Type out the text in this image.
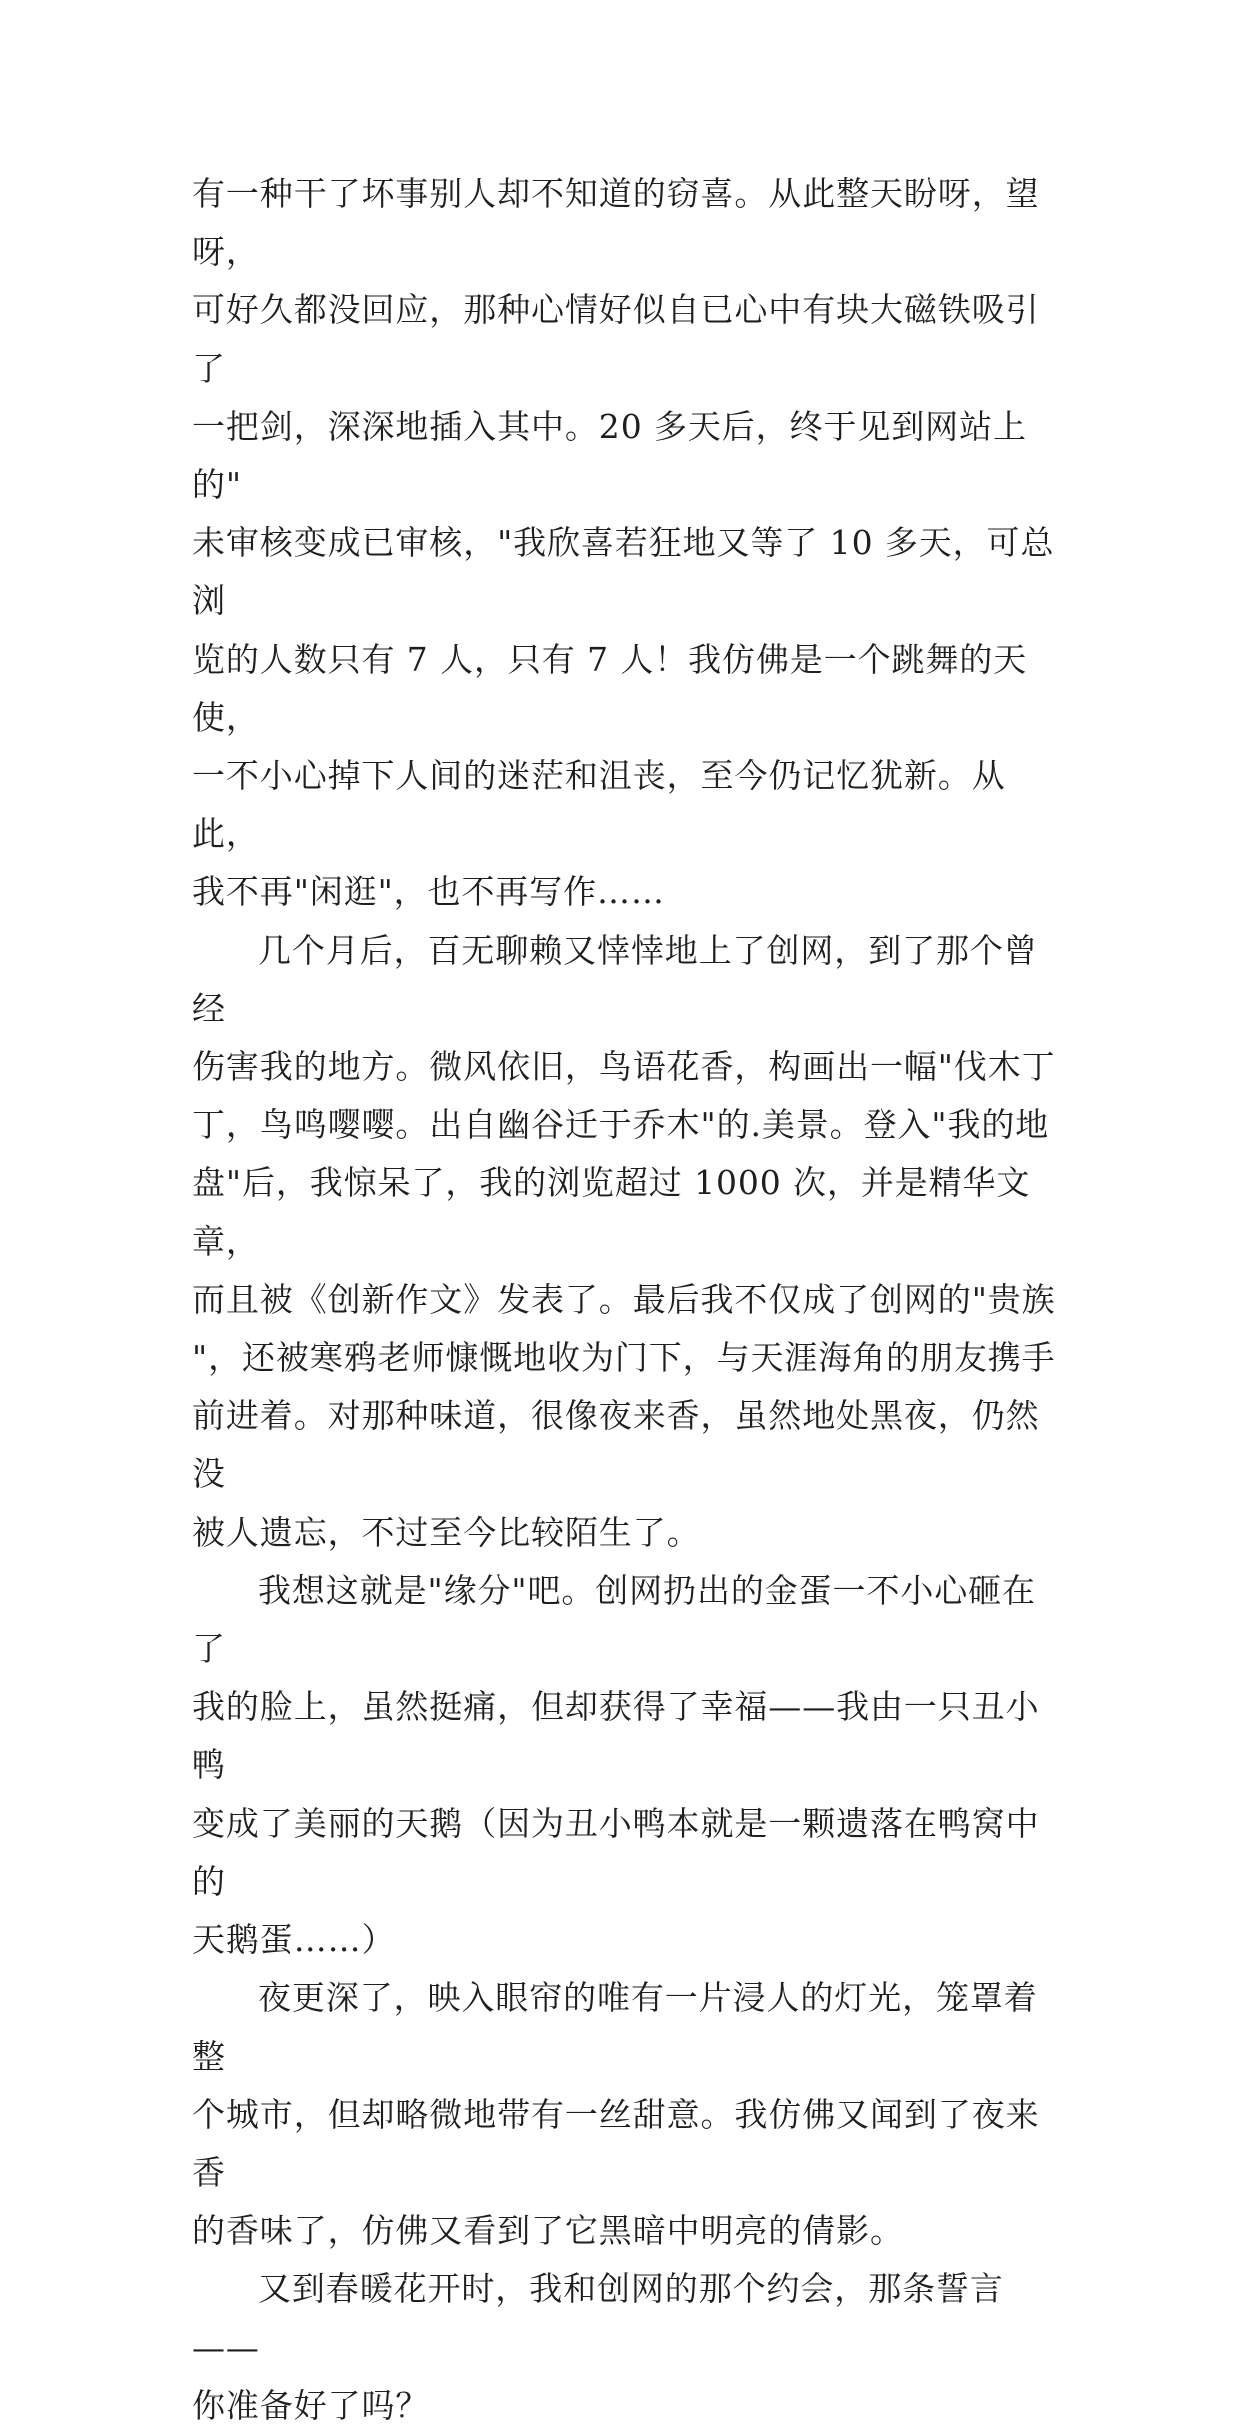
有一种干了坏事别人却不知道的窃喜。从此整天盼呀，望呀，
可好久都没回应，那种心情好似自已心中有块大磁铁吸引了
一把剑，深深地插入其中。20 多天后，终于见到网站上的"
未审核变成已审核，"我欣喜若狂地又等了 10 多天，可总浏
览的人数只有 7 人，只有 7 人！我仿佛是一个跳舞的天使，
一不小心掉下人间的迷茫和沮丧，至今仍记忆犹新。从此，
我不再"闲逛"，也不再写作……

几个月后，百无聊赖又悻悻地上了创网，到了那个曾经
伤害我的地方。微风依旧，鸟语花香，构画出一幅"伐木丁
丁，鸟鸣嘤嘤。出自幽谷迁于乔木"的.美景。登入"我的地
盘"后，我惊呆了，我的浏览超过 1000 次，并是精华文章，
而且被《创新作文》发表了。最后我不仅成了创网的"贵族
"，还被寒鸦老师慷慨地收为门下，与天涯海角的朋友携手
前进着。对那种味道，很像夜来香，虽然地处黑夜，仍然没
被人遗忘，不过至今比较陌生了。

我想这就是"缘分"吧。创网扔出的金蛋一不小心砸在了
我的脸上，虽然挺痛，但却获得了幸福——我由一只丑小鸭
变成了美丽的天鹅（因为丑小鸭本就是一颗遗落在鸭窝中的
天鹅蛋……）

夜更深了，映入眼帘的唯有一片浸人的灯光，笼罩着整
个城市，但却略微地带有一丝甜意。我仿佛又闻到了夜来香
的香味了，仿佛又看到了它黑暗中明亮的倩影。

又到春暖花开时，我和创网的那个约会，那条誓言——
你准备好了吗？
